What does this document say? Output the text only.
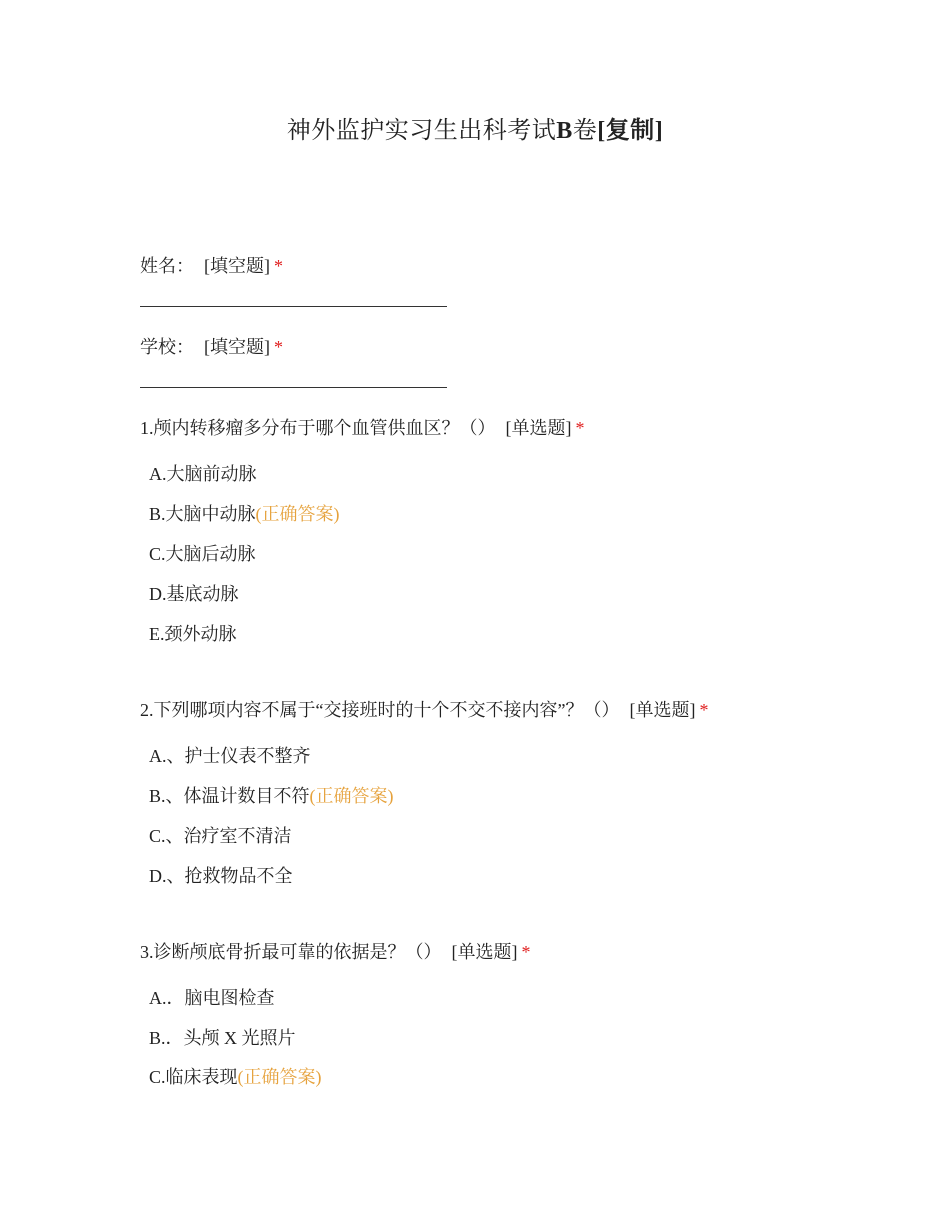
神外监护实习生出科考试B卷[复制]
姓名： [填空题] *
学校： [填空题] *
1.颅内转移瘤多分布于哪个血管供血区？（） [单选题] *
A.大脑前动脉
B.大脑中动脉(正确答案)
C.大脑后动脉
D.基底动脉
E.颈外动脉
2.下列哪项内容不属于“交接班时的十个不交不接内容”？（） [单选题] *
A.、护士仪表不整齐
B.、体温计数目不符(正确答案)
C.、治疗室不清洁
D.、抢救物品不全
3.诊断颅底骨折最可靠的依据是？（） [单选题] *
A.．脑电图检查
B.．头颅 X 光照片
C.临床表现(正确答案)
